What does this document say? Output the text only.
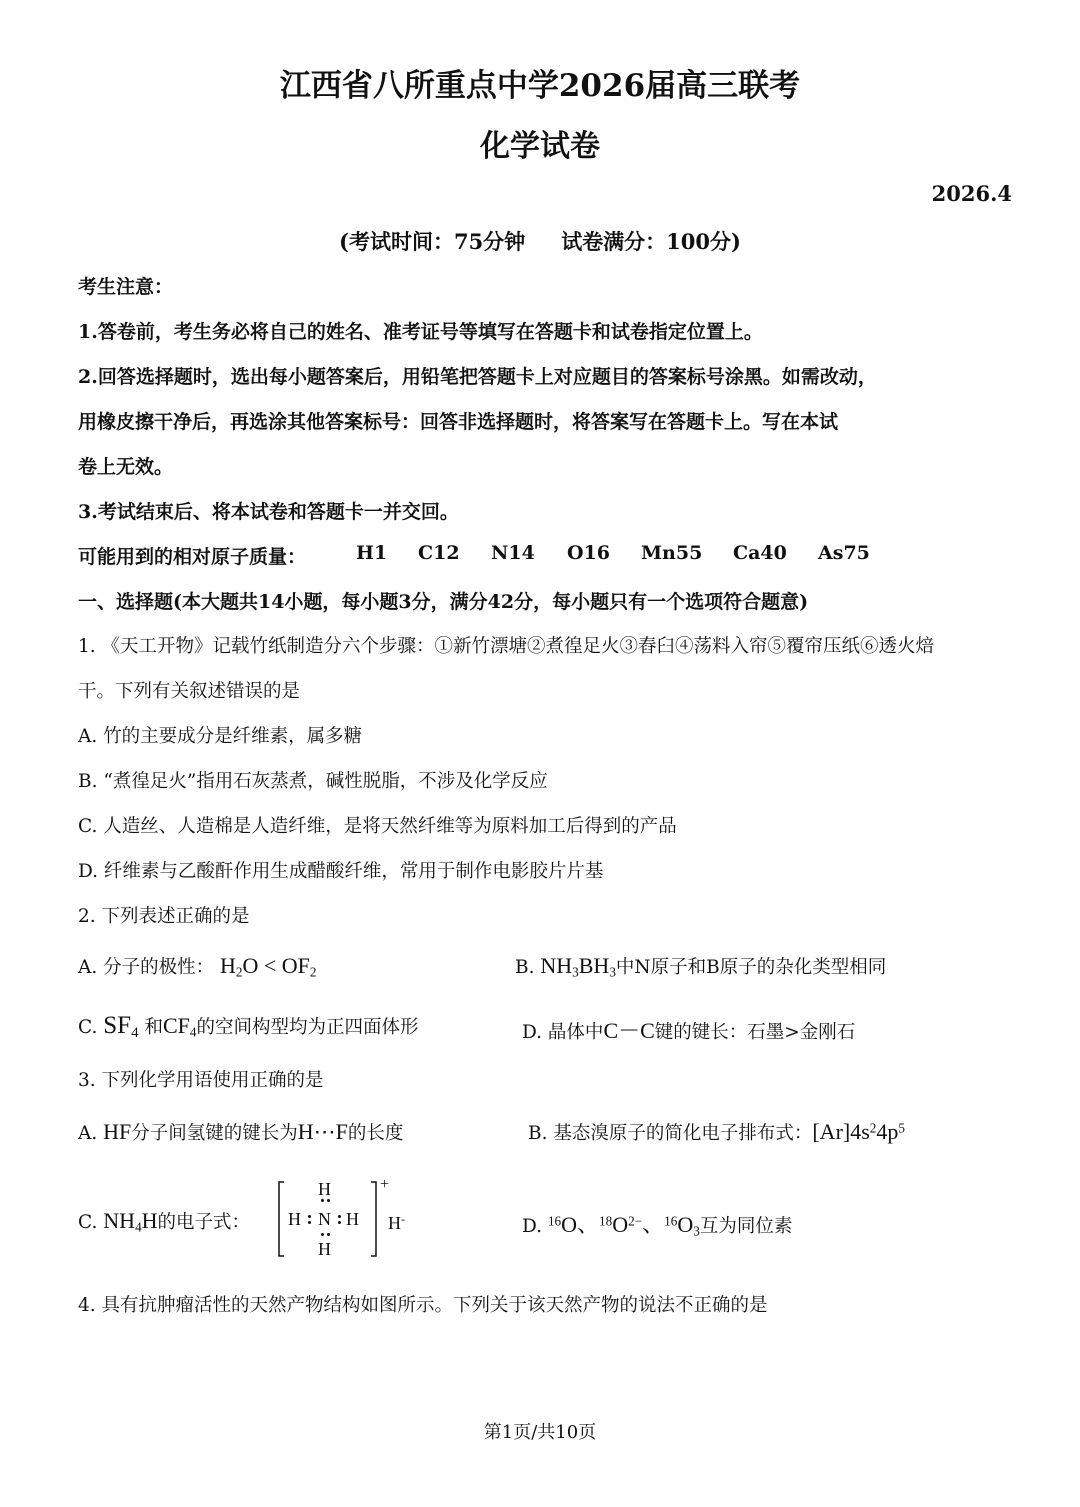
江西省八所重点中学2026届高三联考
化学试卷
2026.4
(考试时间：75分钟 试卷满分：100分)
考生注意：
1.答卷前，考生务必将自己的姓名、准考证号等填写在答题卡和试卷指定位置上。
2.回答选择题时，选出每小题答案后，用铅笔把答题卡上对应题目的答案标号涂黑。如需改动，
用橡皮擦干净后，再选涂其他答案标号：回答非选择题时，将答案写在答题卡上。写在本试
卷上无效。
3.考试结束后、将本试卷和答题卡一并交回。
可能用到的相对原子质量：	H1 C12 N14 O16 Mn55 Ca40 As75
一、选择题(本大题共14小题，每小题3分，满分42分，每小题只有一个选项符合题意)
1. 《天工开物》记载竹纸制造分六个步骤：①新竹漂塘②煮徨足火③舂臼④荡料入帘⑤覆帘压纸⑥透火焙
干。下列有关叙述错误的是
A. 竹的主要成分是纤维素，属多糖
B. “煮徨足火”指用石灰蒸煮，碱性脱脂，不涉及化学反应
C. 人造丝、人造棉是人造纤维，是将天然纤维等为原料加工后得到的产品
D. 纤维素与乙酸酐作用生成醋酸纤维，常用于制作电影胶片片基
2. 下列表述正确的是
A. 分子的极性： $H_2O < OF_2$	B. $NH_3BH_3$中N原子和B原子的杂化类型相同
C. $SF_4$ 和$CF_4$的空间构型均为正四面体形	D. 晶体中C－C键的键长：石墨>金刚石
3. 下列化学用语使用正确的是
A. HF分子间氢键的键长为H⋯F的长度	B. 基态溴原子的简化电子排布式：$[Ar]4s^24p^5$
C. $NH_4H$的电子式：
H
H N H
H
+
H-	D. $^{16}$O、$^{18}O^{2-}$、$^{16}O_3$互为同位素
4. 具有抗肿瘤活性的天然产物结构如图所示。下列关于该天然产物的说法不正确的是
第1页/共10页
